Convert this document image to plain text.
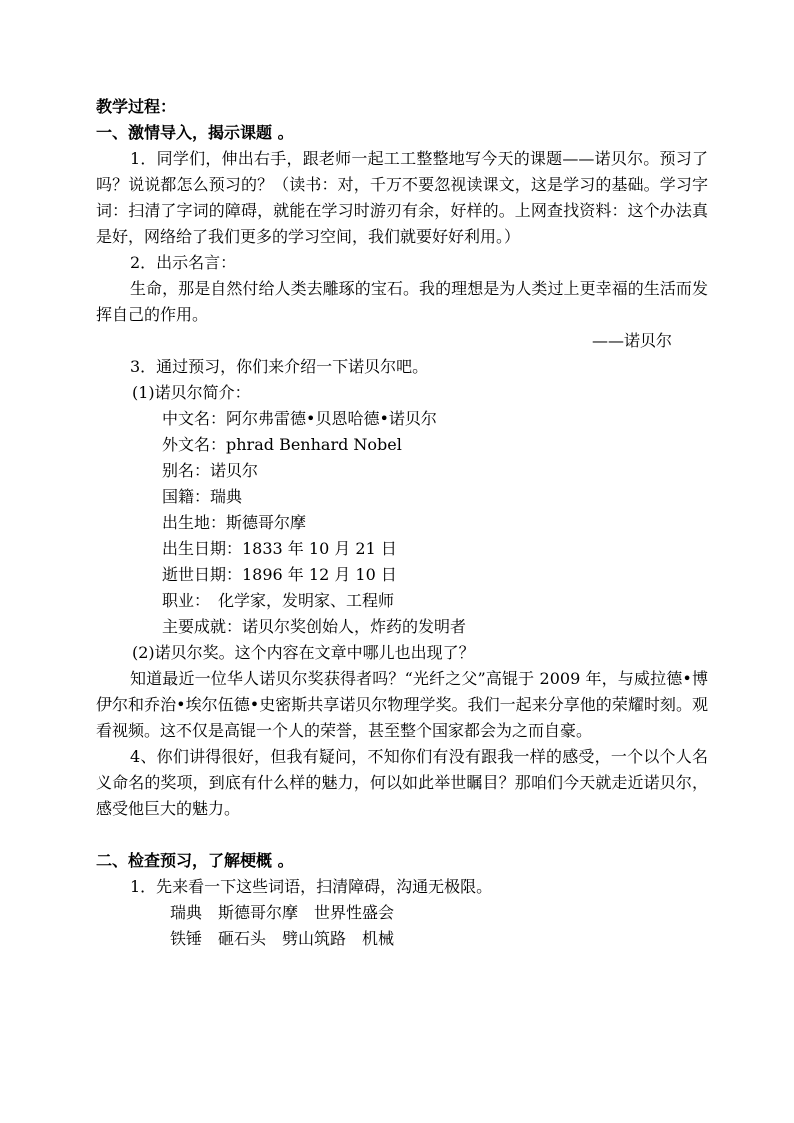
教学过程：
一、激情导入，揭示课题 。
1．同学们，伸出右手，跟老师一起工工整整地写今天的课题——诺贝尔。预习了吗？说说都怎么预习的？（读书：对，千万不要忽视读课文，这是学习的基础。学习字词：扫清了字词的障碍，就能在学习时游刃有余，好样的。上网查找资料：这个办法真是好，网络给了我们更多的学习空间，我们就要好好利用。）
2．出示名言：
生命，那是自然付给人类去雕琢的宝石。我的理想是为人类过上更幸福的生活而发挥自己的作用。
——诺贝尔
3．通过预习，你们来介绍一下诺贝尔吧。
(1)诺贝尔简介：
中文名：阿尔弗雷德•贝恩哈德•诺贝尔
外文名：phrad Benhard Nobel
别名：诺贝尔
国籍：瑞典
出生地：斯德哥尔摩
出生日期：1833 年 10 月 21 日
逝世日期：1896 年 12 月 10 日
职业：　化学家，发明家、工程师
主要成就：诺贝尔奖创始人，炸药的发明者
(2)诺贝尔奖。这个内容在文章中哪儿也出现了？
知道最近一位华人诺贝尔奖获得者吗？“光纤之父”高锟于 2009 年，与威拉德•博伊尔和乔治•埃尔伍德•史密斯共享诺贝尔物理学奖。我们一起来分享他的荣耀时刻。观看视频。这不仅是高锟一个人的荣誉，甚至整个国家都会为之而自豪。
4、你们讲得很好，但我有疑问，不知你们有没有跟我一样的感受，一个以个人名义命名的奖项，到底有什么样的魅力，何以如此举世瞩目？那咱们今天就走近诺贝尔，感受他巨大的魅力。
二、检查预习，了解梗概 。
1．先来看一下这些词语，扫清障碍，沟通无极限。
瑞典　斯德哥尔摩　世界性盛会
铁锤　砸石头　劈山筑路　机械
